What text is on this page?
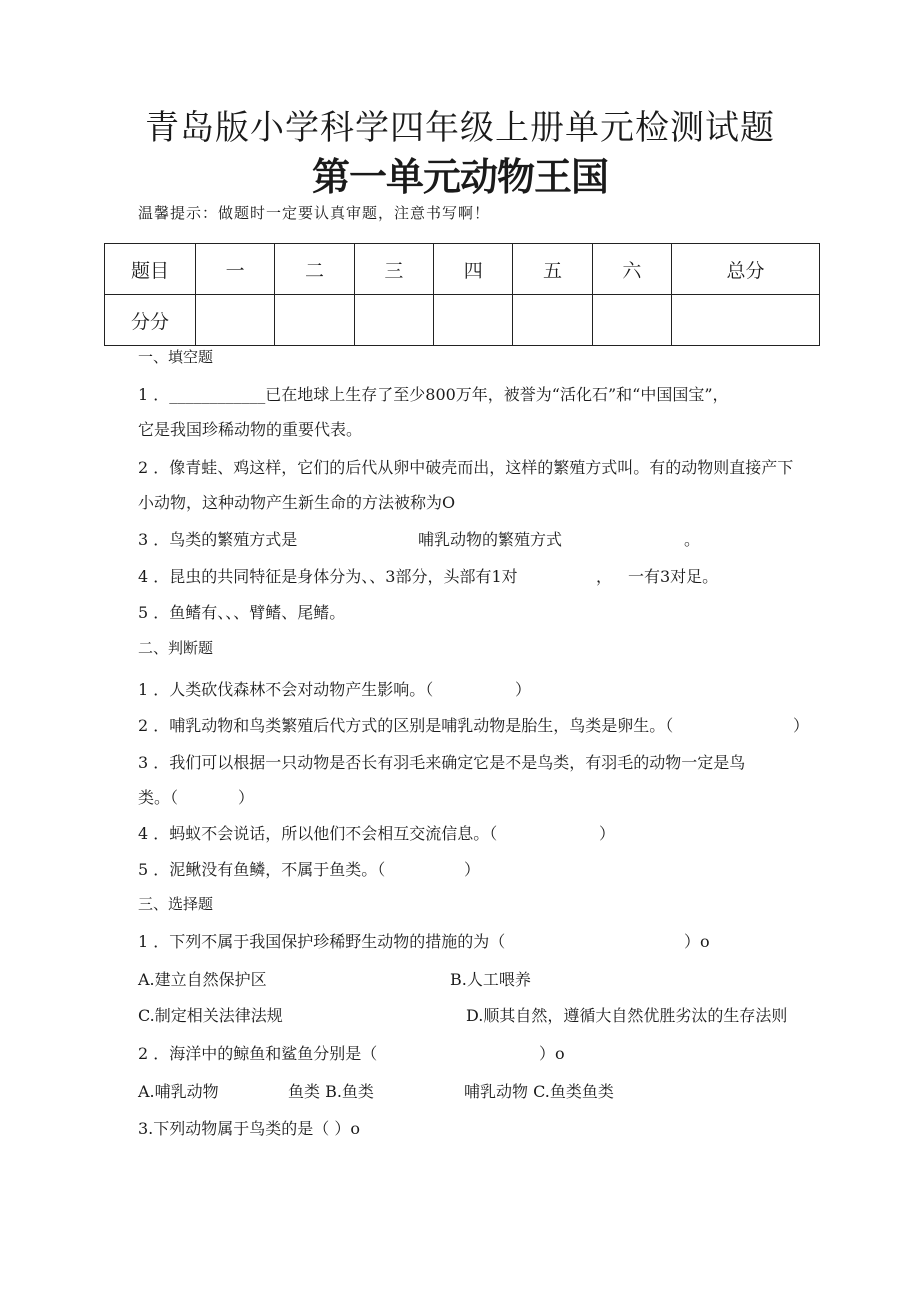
青岛版小学科学四年级上册单元检测试题
第一单元动物王国
温馨提示：做题时一定要认真审题，注意书写啊！
题目	一	二	三	四	五	六	总分
分分							
一、填空题
1 ．____________已在地球上生存了至少800万年，被誉为“活化石”和“中国国宝”，
它是我国珍稀动物的重要代表。
2 ．像青蛙、鸡这样，它们的后代从卵中破壳而出，这样的繁殖方式叫。有的动物则直接产下
小动物，这种动物产生新生命的方法被称为O
3 ．鸟类的繁殖方式是	哺乳动物的繁殖方式	。
4 ．昆虫的共同特征是身体分为、、3部分，头部有1对	， 一有3对足。
5 ．鱼鳍有、、、臂鳍、尾鳍。
二、判断题
1 ．人类砍伐森林不会对动物产生影响。（	）
2 ．哺乳动物和鸟类繁殖后代方式的区别是哺乳动物是胎生，鸟类是卵生。（	）
3 ．我们可以根据一只动物是否长有羽毛来确定它是不是鸟类，有羽毛的动物一定是鸟
类。（	）
4 ．蚂蚁不会说话，所以他们不会相互交流信息。（	）
5 ．泥鳅没有鱼鳞，不属于鱼类。（	）
三、选择题
1 ．下列不属于我国保护珍稀野生动物的措施的为（	）o
A.建立自然保护区	B.人工喂养
C.制定相关法律法规	D.顺其自然，遵循大自然优胜劣汰的生存法则
2 ．海洋中的鲸鱼和鲨鱼分别是（	）o
A.哺乳动物	鱼类 B.鱼类	哺乳动物 C.鱼类鱼类
3.下列动物属于鸟类的是（ ）o
